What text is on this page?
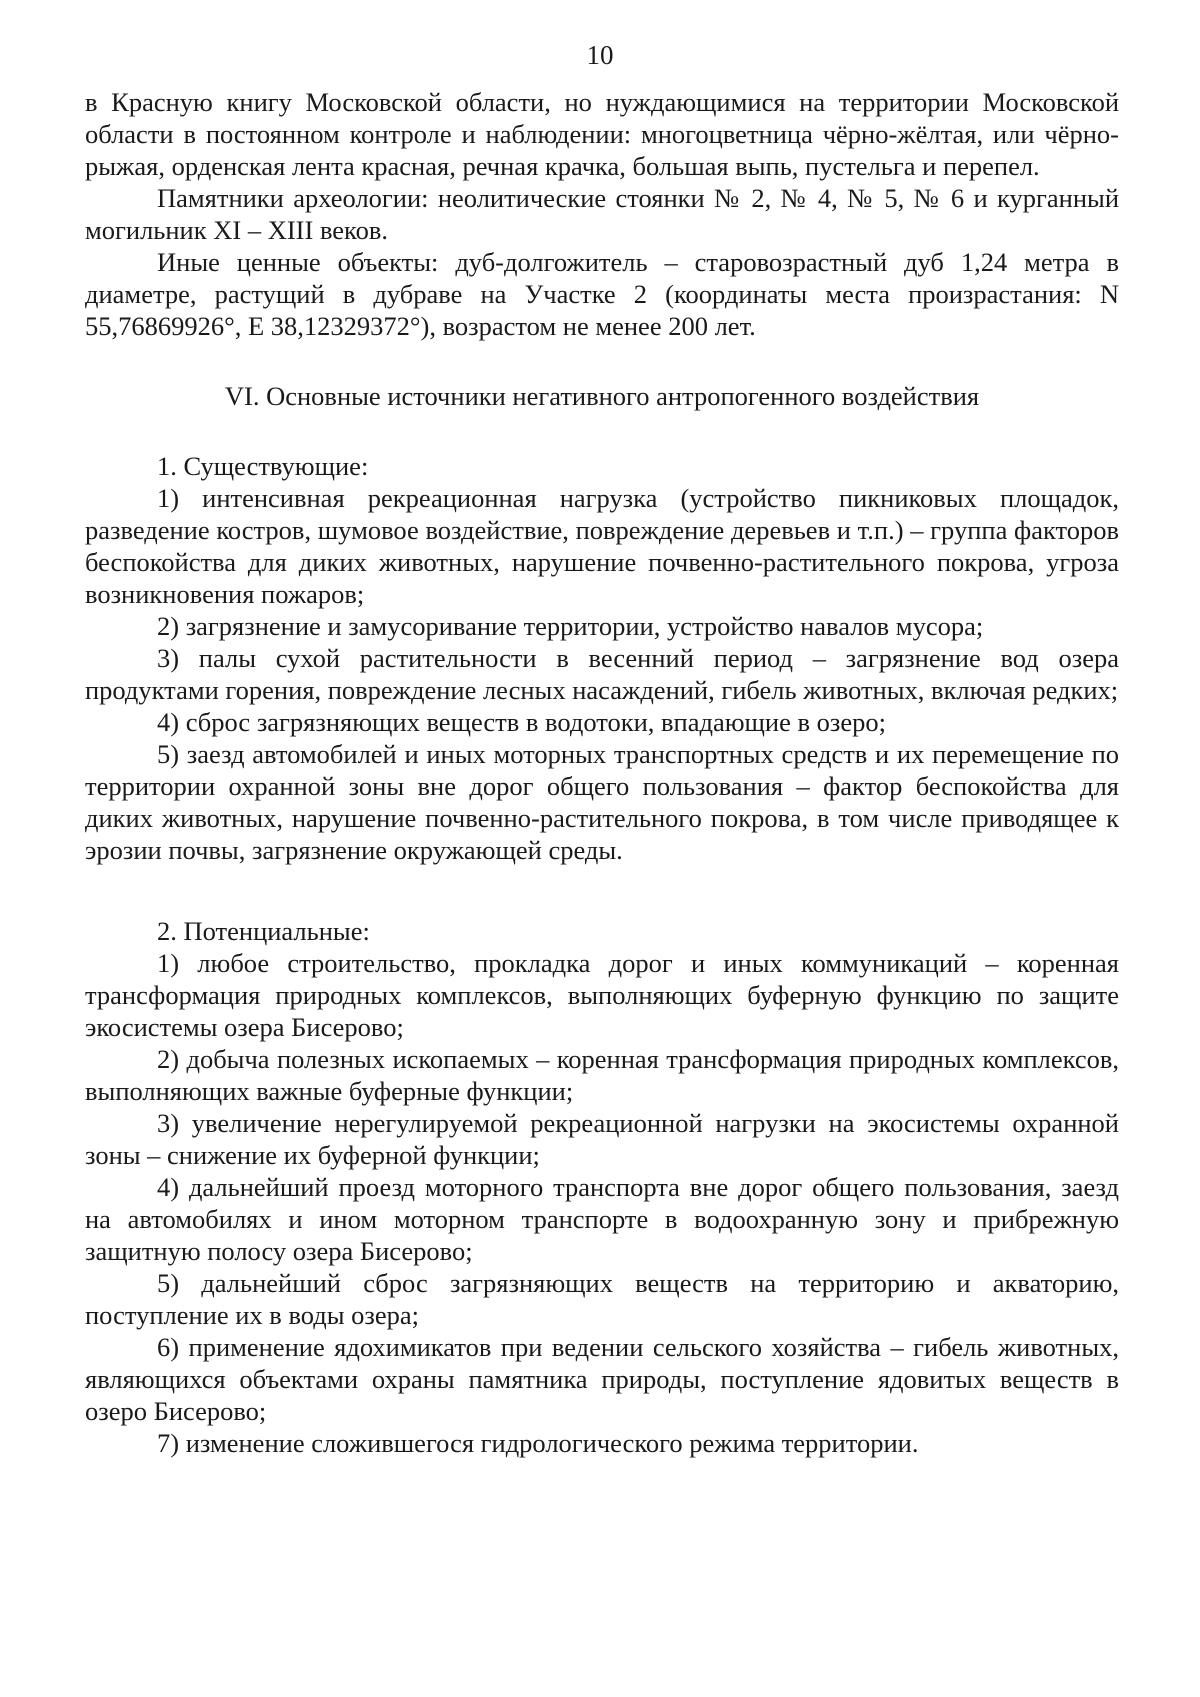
10

в Красную книгу Московской области, но нуждающимися на территории Московской области в постоянном контроле и наблюдении: многоцветница чёрно-жёлтая, или чёрно-рыжая, орденская лента красная, речная крачка, большая выпь, пустельга и перепел.

Памятники археологии: неолитические стоянки № 2, № 4, № 5, № 6 и курганный могильник XI – XIII веков.

Иные ценные объекты: дуб-долгожитель – старовозрастный дуб 1,24 метра в диаметре, растущий в дубраве на Участке 2 (координаты места произрастания: N 55,76869926°, E 38,12329372°), возрастом не менее 200 лет.

VI. Основные источники негативного антропогенного воздействия

1. Существующие:

1) интенсивная рекреационная нагрузка (устройство пикниковых площадок, разведение костров, шумовое воздействие, повреждение деревьев и т.п.) – группа факторов беспокойства для диких животных, нарушение почвенно-растительного покрова, угроза возникновения пожаров;

2) загрязнение и замусоривание территории, устройство навалов мусора;

3) палы сухой растительности в весенний период – загрязнение вод озера продуктами горения, повреждение лесных насаждений, гибель животных, включая редких;

4) сброс загрязняющих веществ в водотоки, впадающие в озеро;

5) заезд автомобилей и иных моторных транспортных средств и их перемещение по территории охранной зоны вне дорог общего пользования – фактор беспокойства для диких животных, нарушение почвенно-растительного покрова, в том числе приводящее к эрозии почвы, загрязнение окружающей среды.

2. Потенциальные:

1) любое строительство, прокладка дорог и иных коммуникаций – коренная трансформация природных комплексов, выполняющих буферную функцию по защите экосистемы озера Бисерово;

2) добыча полезных ископаемых – коренная трансформация природных комплексов, выполняющих важные буферные функции;

3) увеличение нерегулируемой рекреационной нагрузки на экосистемы охранной зоны – снижение их буферной функции;

4) дальнейший проезд моторного транспорта вне дорог общего пользования, заезд на автомобилях и ином моторном транспорте в водоохранную зону и прибрежную защитную полосу озера Бисерово;

5) дальнейший сброс загрязняющих веществ на территорию и акваторию, поступление их в воды озера;

6) применение ядохимикатов при ведении сельского хозяйства – гибель животных, являющихся объектами охраны памятника природы, поступление ядовитых веществ в озеро Бисерово;

7) изменение сложившегося гидрологического режима территории.
